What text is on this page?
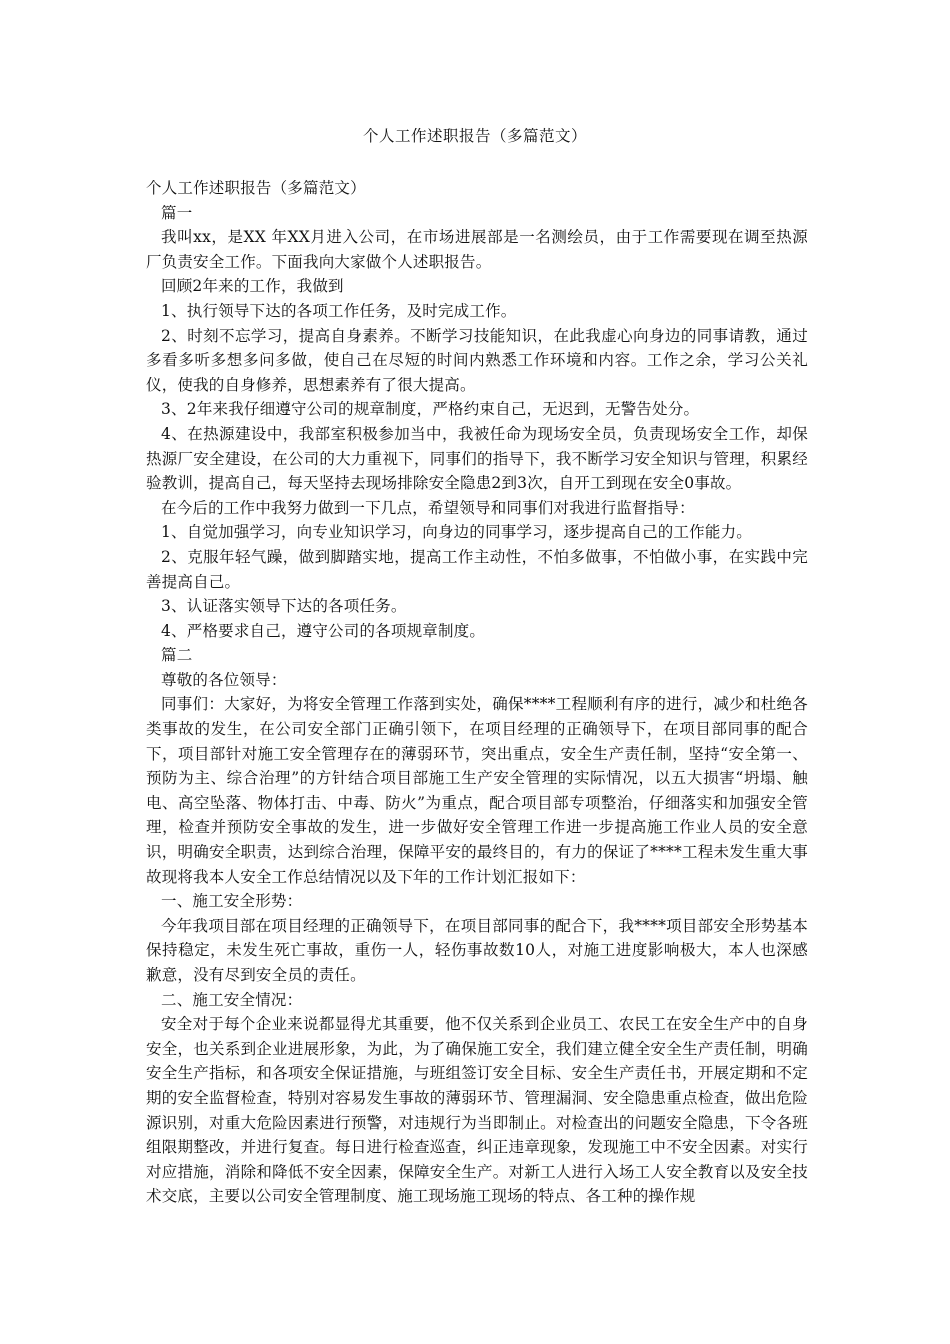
个人工作述职报告（多篇范文）

个人工作述职报告（多篇范文）

篇一

我叫xx，是XX 年XX月进入公司，在市场进展部是一名测绘员，由于工作需要现在调至热源厂负责安全工作。下面我向大家做个人述职报告。

回顾2年来的工作，我做到

1、执行领导下达的各项工作任务，及时完成工作。

2、时刻不忘学习，提高自身素养。不断学习技能知识，在此我虚心向身边的同事请教，通过多看多听多想多问多做，使自己在尽短的时间内熟悉工作环境和内容。工作之余，学习公关礼仪，使我的自身修养，思想素养有了很大提高。

3、2年来我仔细遵守公司的规章制度，严格约束自己，无迟到，无警告处分。

4、在热源建设中，我部室积极参加当中，我被任命为现场安全员，负责现场安全工作，却保热源厂安全建设，在公司的大力重视下，同事们的指导下，我不断学习安全知识与管理，积累经验教训，提高自己，每天坚持去现场排除安全隐患2到3次，自开工到现在安全0事故。

在今后的工作中我努力做到一下几点，希望领导和同事们对我进行监督指导：

1、自觉加强学习，向专业知识学习，向身边的同事学习，逐步提高自己的工作能力。

2、克服年轻气躁，做到脚踏实地，提高工作主动性，不怕多做事，不怕做小事，在实践中完善提高自己。

3、认证落实领导下达的各项任务。

4、严格要求自己，遵守公司的各项规章制度。

篇二

尊敬的各位领导：

同事们：大家好，为将安全管理工作落到实处，确保****工程顺利有序的进行，减少和杜绝各类事故的发生，在公司安全部门正确引领下，在项目经理的正确领导下，在项目部同事的配合下，项目部针对施工安全管理存在的薄弱环节，突出重点，安全生产责任制，坚持“安全第一、预防为主、综合治理”的方针结合项目部施工生产安全管理的实际情况，以五大损害“坍塌、触电、高空坠落、物体打击、中毒、防火”为重点，配合项目部专项整治，仔细落实和加强安全管理，检查并预防安全事故的发生，进一步做好安全管理工作进一步提高施工作业人员的安全意识，明确安全职责，达到综合治理，保障平安的最终目的，有力的保证了****工程未发生重大事故现将我本人安全工作总结情况以及下年的工作计划汇报如下：

一、施工安全形势：

今年我项目部在项目经理的正确领导下，在项目部同事的配合下，我****项目部安全形势基本保持稳定，未发生死亡事故，重伤一人，轻伤事故数10人，对施工进度影响极大，本人也深感歉意，没有尽到安全员的责任。

二、施工安全情况：

安全对于每个企业来说都显得尤其重要，他不仅关系到企业员工、农民工在安全生产中的自身安全，也关系到企业进展形象，为此，为了确保施工安全，我们建立健全安全生产责任制，明确安全生产指标，和各项安全保证措施，与班组签订安全目标、安全生产责任书，开展定期和不定期的安全监督检查，特别对容易发生事故的薄弱环节、管理漏洞、安全隐患重点检查，做出危险源识别，对重大危险因素进行预警，对违规行为当即制止。对检查出的问题安全隐患，下令各班组限期整改，并进行复查。每日进行检查巡查，纠正违章现象，发现施工中不安全因素。对实行对应措施，消除和降低不安全因素，保障安全生产。对新工人进行入场工人安全教育以及安全技术交底，主要以公司安全管理制度、施工现场施工现场的特点、各工种的操作规
